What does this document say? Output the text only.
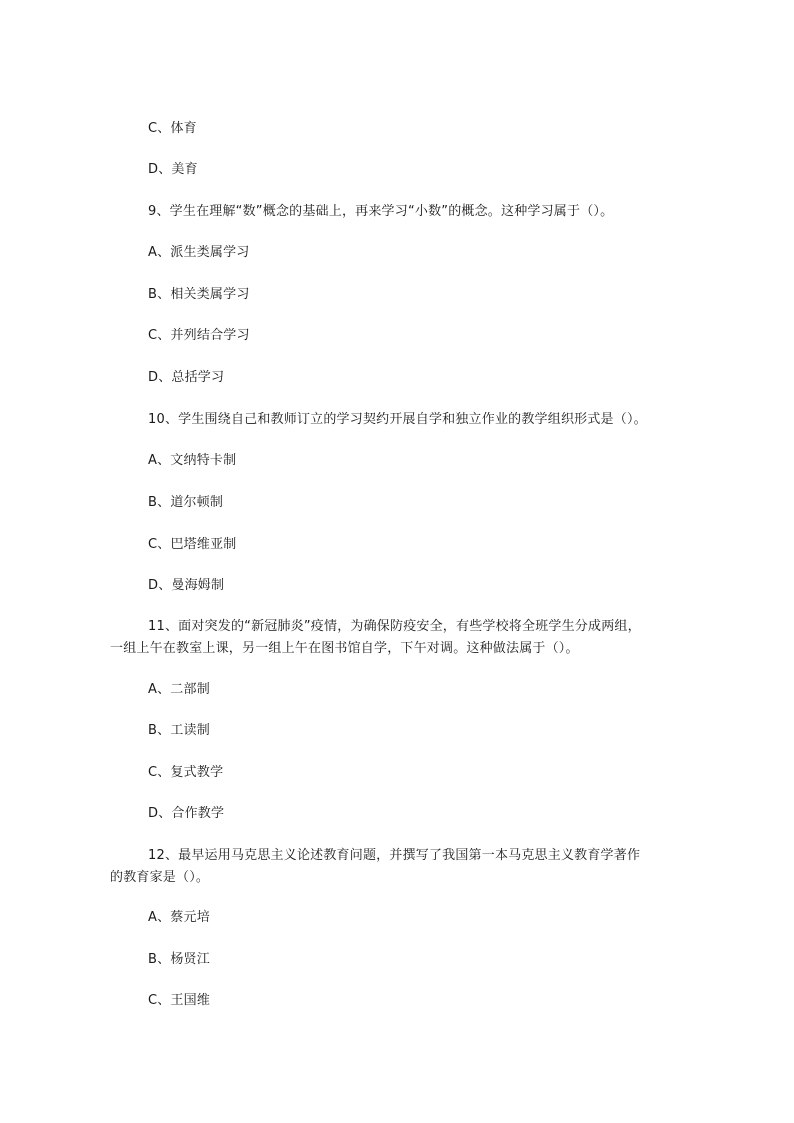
C、体育
D、美育
9、学生在理解“数”概念的基础上，再来学习“小数”的概念。这种学习属于（）。
A、派生类属学习
B、相关类属学习
C、并列结合学习
D、总括学习
10、学生围绕自己和教师订立的学习契约开展自学和独立作业的教学组织形式是（）。
A、文纳特卡制
B、道尔顿制
C、巴塔维亚制
D、曼海姆制
11、面对突发的“新冠肺炎”疫情，为确保防疫安全，有些学校将全班学生分成两组，
一组上午在教室上课，另一组上午在图书馆自学，下午对调。这种做法属于（）。
A、二部制
B、工读制
C、复式教学
D、合作教学
12、最早运用马克思主义论述教育问题，并撰写了我国第一本马克思主义教育学著作
的教育家是（）。
A、蔡元培
B、杨贤江
C、王国维
